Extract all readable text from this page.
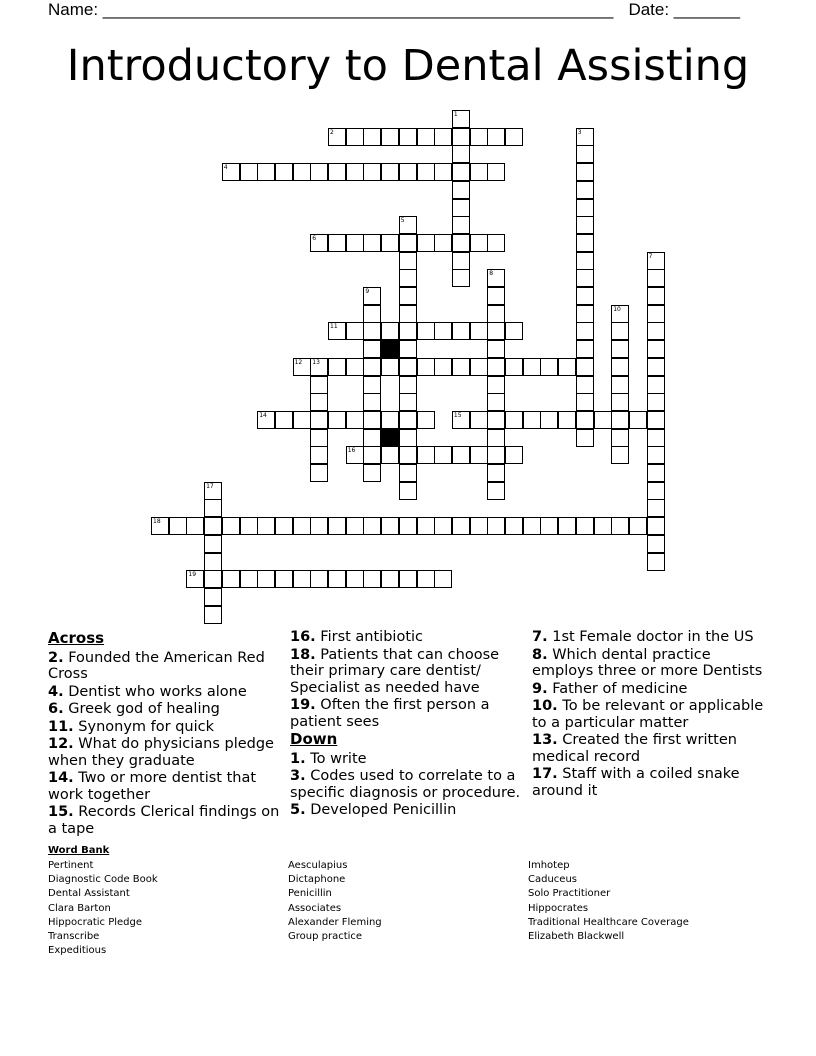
Name: ______________________________________________________ Date: _______
Introductory to Dental Assisting
1
2	3
4
5
6
7
8
9
10
11
12 13
14	15
16
17
18
19
Across
2. Founded the American Red Cross
4. Dentist who works alone
6. Greek god of healing
11. Synonym for quick
12. What do physicians pledge when they graduate
14. Two or more dentist that work together
15. Records Clerical findings on a tape
16. First antibiotic
18. Patients that can choose their primary care dentist/ Specialist as needed have
19. Often the first person a patient sees
Down
1. To write
3. Codes used to correlate to a specific diagnosis or procedure.
5. Developed Penicillin
7. 1st Female doctor in the US
8. Which dental practice employs three or more Dentists
9. Father of medicine
10. To be relevant or applicable to a particular matter
13. Created the first written medical record
17. Staff with a coiled snake around it
Word Bank
Pertinent
Diagnostic Code Book
Dental Assistant
Clara Barton
Hippocratic Pledge
Transcribe
Expeditious
Aesculapius
Dictaphone
Penicillin
Associates
Alexander Fleming
Group practice
Imhotep
Caduceus
Solo Practitioner
Hippocrates
Traditional Healthcare Coverage
Elizabeth Blackwell
